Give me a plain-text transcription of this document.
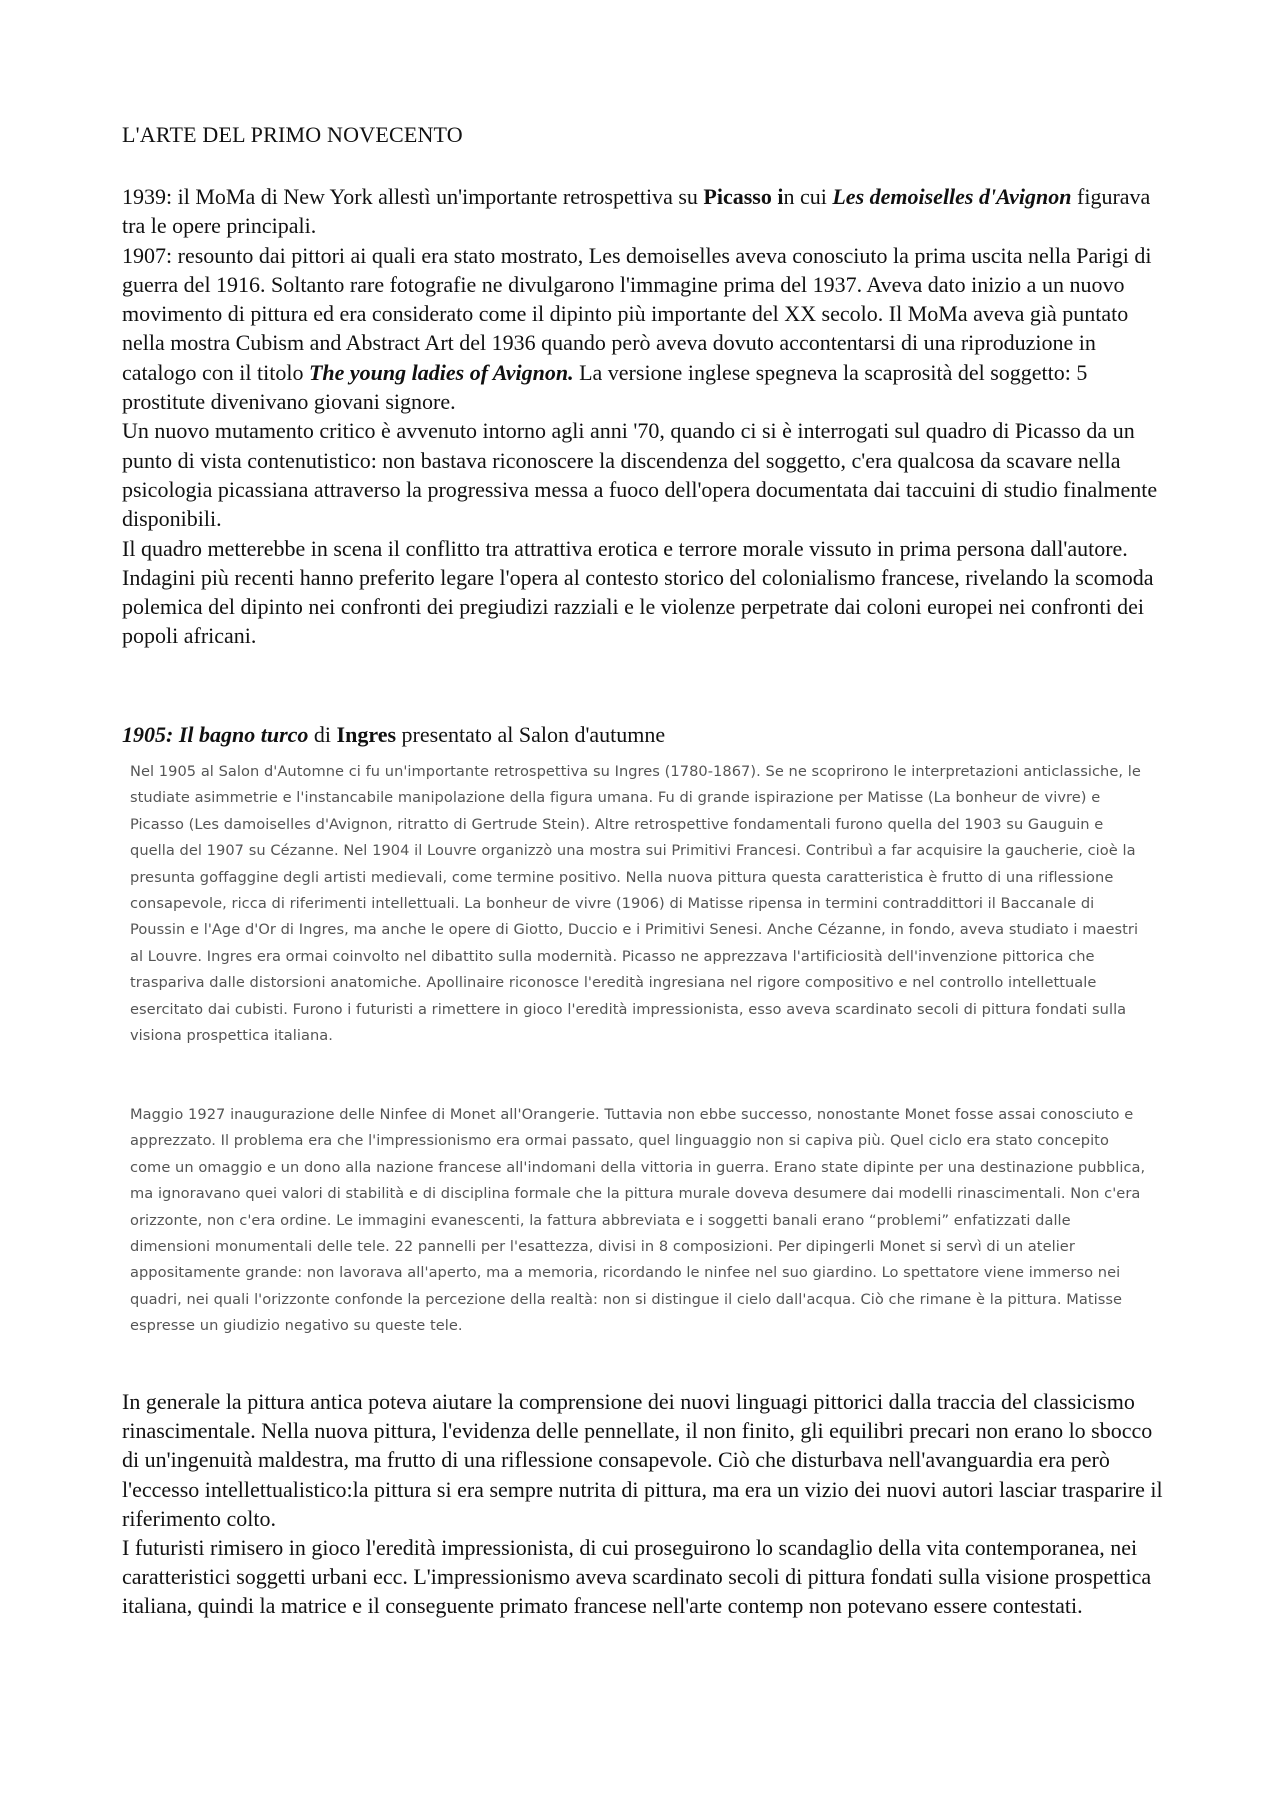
L'ARTE DEL PRIMO NOVECENTO

1939: il MoMa di New York allestì un'importante retrospettiva su Picasso in cui Les demoiselles d'Avignon figurava tra le opere principali.

1907: resounto dai pittori ai quali era stato mostrato, Les demoiselles aveva conosciuto la prima uscita nella Parigi di guerra del 1916. Soltanto rare fotografie ne divulgarono l'immagine prima del 1937. Aveva dato inizio a un nuovo movimento di pittura ed era considerato come il dipinto più importante del XX secolo. Il MoMa aveva già puntato nella mostra Cubism and Abstract Art del 1936 quando però aveva dovuto accontentarsi di una riproduzione in catalogo con il titolo The young ladies of Avignon. La versione inglese spegneva la scaprosità del soggetto: 5 prostitute divenivano giovani signore.

Un nuovo mutamento critico è avvenuto intorno agli anni '70, quando ci si è interrogati sul quadro di Picasso da un punto di vista contenutistico: non bastava riconoscere la discendenza del soggetto, c'era qualcosa da scavare nella psicologia picassiana attraverso la progressiva messa a fuoco dell'opera documentata dai taccuini di studio finalmente disponibili.

Il quadro metterebbe in scena il conflitto tra attrattiva erotica e terrore morale vissuto in prima persona dall'autore. Indagini più recenti hanno preferito legare l'opera al contesto storico del colonialismo francese, rivelando la scomoda polemica del dipinto nei confronti dei pregiudizi razziali e le violenze perpetrate dai coloni europei nei confronti dei popoli africani.

1905: Il bagno turco di Ingres presentato al Salon d'autumne

Nel 1905 al Salon d'Automne ci fu un'importante retrospettiva su Ingres (1780-1867). Se ne scoprirono le interpretazioni anticlassiche, le studiate asimmetrie e l'instancabile manipolazione della figura umana. Fu di grande ispirazione per Matisse (La bonheur de vivre) e Picasso (Les damoiselles d'Avignon, ritratto di Gertrude Stein). Altre retrospettive fondamentali furono quella del 1903 su Gauguin e quella del 1907 su Cézanne. Nel 1904 il Louvre organizzò una mostra sui Primitivi Francesi. Contribuì a far acquisire la gaucherie, cioè la presunta goffaggine degli artisti medievali, come termine positivo. Nella nuova pittura questa caratteristica è frutto di una riflessione consapevole, ricca di riferimenti intellettuali. La bonheur de vivre (1906) di Matisse ripensa in termini contraddittori il Baccanale di Poussin e l'Age d'Or di Ingres, ma anche le opere di Giotto, Duccio e i Primitivi Senesi. Anche Cézanne, in fondo, aveva studiato i maestri al Louvre. Ingres era ormai coinvolto nel dibattito sulla modernità. Picasso ne apprezzava l'artificiosità dell'invenzione pittorica che traspariva dalle distorsioni anatomiche. Apollinaire riconosce l'eredità ingresiana nel rigore compositivo e nel controllo intellettuale esercitato dai cubisti. Furono i futuristi a rimettere in gioco l'eredità impressionista, esso aveva scardinato secoli di pittura fondati sulla visiona prospettica italiana.

Maggio 1927 inaugurazione delle Ninfee di Monet all'Orangerie. Tuttavia non ebbe successo, nonostante Monet fosse assai conosciuto e apprezzato. Il problema era che l'impressionismo era ormai passato, quel linguaggio non si capiva più. Quel ciclo era stato concepito come un omaggio e un dono alla nazione francese all'indomani della vittoria in guerra. Erano state dipinte per una destinazione pubblica, ma ignoravano quei valori di stabilità e di disciplina formale che la pittura murale doveva desumere dai modelli rinascimentali. Non c'era orizzonte, non c'era ordine. Le immagini evanescenti, la fattura abbreviata e i soggetti banali erano “problemi” enfatizzati dalle dimensioni monumentali delle tele. 22 pannelli per l'esattezza, divisi in 8 composizioni. Per dipingerli Monet si servì di un atelier appositamente grande: non lavorava all'aperto, ma a memoria, ricordando le ninfee nel suo giardino. Lo spettatore viene immerso nei quadri, nei quali l'orizzonte confonde la percezione della realtà: non si distingue il cielo dall'acqua. Ciò che rimane è la pittura. Matisse espresse un giudizio negativo su queste tele.

In generale la pittura antica poteva aiutare la comprensione dei nuovi linguagi pittorici dalla traccia del classicismo rinascimentale. Nella nuova pittura, l'evidenza delle pennellate, il non finito, gli equilibri precari non erano lo sbocco di un'ingenuità maldestra, ma frutto di una riflessione consapevole. Ciò che disturbava nell'avanguardia era però l'eccesso intellettualistico:la pittura si era sempre nutrita di pittura, ma era un vizio dei nuovi autori lasciar trasparire il riferimento colto.

I futuristi rimisero in gioco l'eredità impressionista, di cui proseguirono lo scandaglio della vita contemporanea, nei caratteristici soggetti urbani ecc. L'impressionismo aveva scardinato secoli di pittura fondati sulla visione prospettica italiana, quindi la matrice e il conseguente primato francese nell'arte contemp non potevano essere contestati.
